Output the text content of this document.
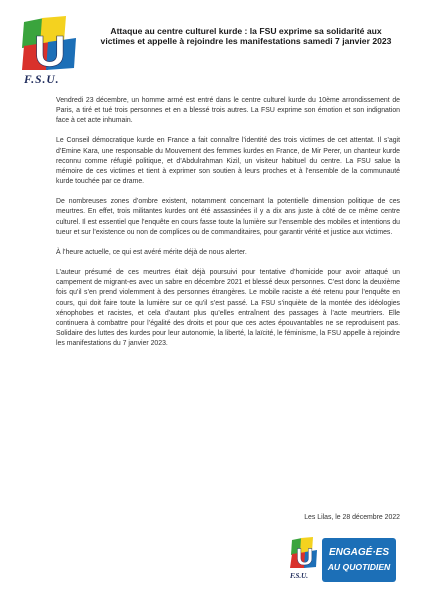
U
F.S.U.
Attaque au centre culturel kurde : la FSU exprime sa solidarité aux victimes et appelle à rejoindre les manifestations samedi 7 janvier 2023

Vendredi 23 décembre, un homme armé est entré dans le centre culturel kurde du 10ème arrondissement de Paris, a tiré et tué trois personnes et en a blessé trois autres. La FSU exprime son émotion et son indignation face à cet acte inhumain.

Le Conseil démocratique kurde en France a fait connaître l’identité des trois victimes de cet attentat. Il s’agit d’Emine Kara, une responsable du Mouvement des femmes kurdes en France, de Mir Perer, un chanteur kurde reconnu comme réfugié politique, et d’Abdulrahman Kizil, un visiteur habituel du centre. La FSU salue la mémoire de ces victimes et tient à exprimer son soutien à leurs proches et à l’ensemble de la communauté kurde touchée par ce drame.

De nombreuses zones d’ombre existent, notamment concernant la potentielle dimension politique de ces meurtres. En effet, trois militantes kurdes ont été assassinées il y a dix ans juste à côté de ce même centre culturel. Il est essentiel que l’enquête en cours fasse toute la lumière sur l’ensemble des mobiles et intentions du tueur et sur l’existence ou non de complices ou de commanditaires, pour garantir vérité et justice aux victimes.

À l’heure actuelle, ce qui est avéré mérite déjà de nous alerter.

L’auteur présumé de ces meurtres était déjà poursuivi pour tentative d’homicide pour avoir attaqué un campement de migrant-es avec un sabre en décembre 2021 et blessé deux personnes. C’est donc la deuxième fois qu’il s’en prend violemment à des personnes étrangères. Le mobile raciste a été retenu pour l’enquête en cours, qui doit faire toute la lumière sur ce qu’il s’est passé. La FSU s’inquiète de la montée des idéologies xénophobes et racistes, et cela d’autant plus qu’elles entraînent des passages à l’acte meurtriers. Elle continuera à combattre pour l’égalité des droits et pour que ces actes épouvantables ne se reproduisent pas. Solidaire des luttes des kurdes pour leur autonomie, la liberté, la laïcité, le féminisme, la FSU appelle à rejoindre les manifestations du 7 janvier 2023.

Les Lilas, le 28 décembre 2022
U
F.S.U.
ENGAGÉ·ES
AU QUOTIDIEN
